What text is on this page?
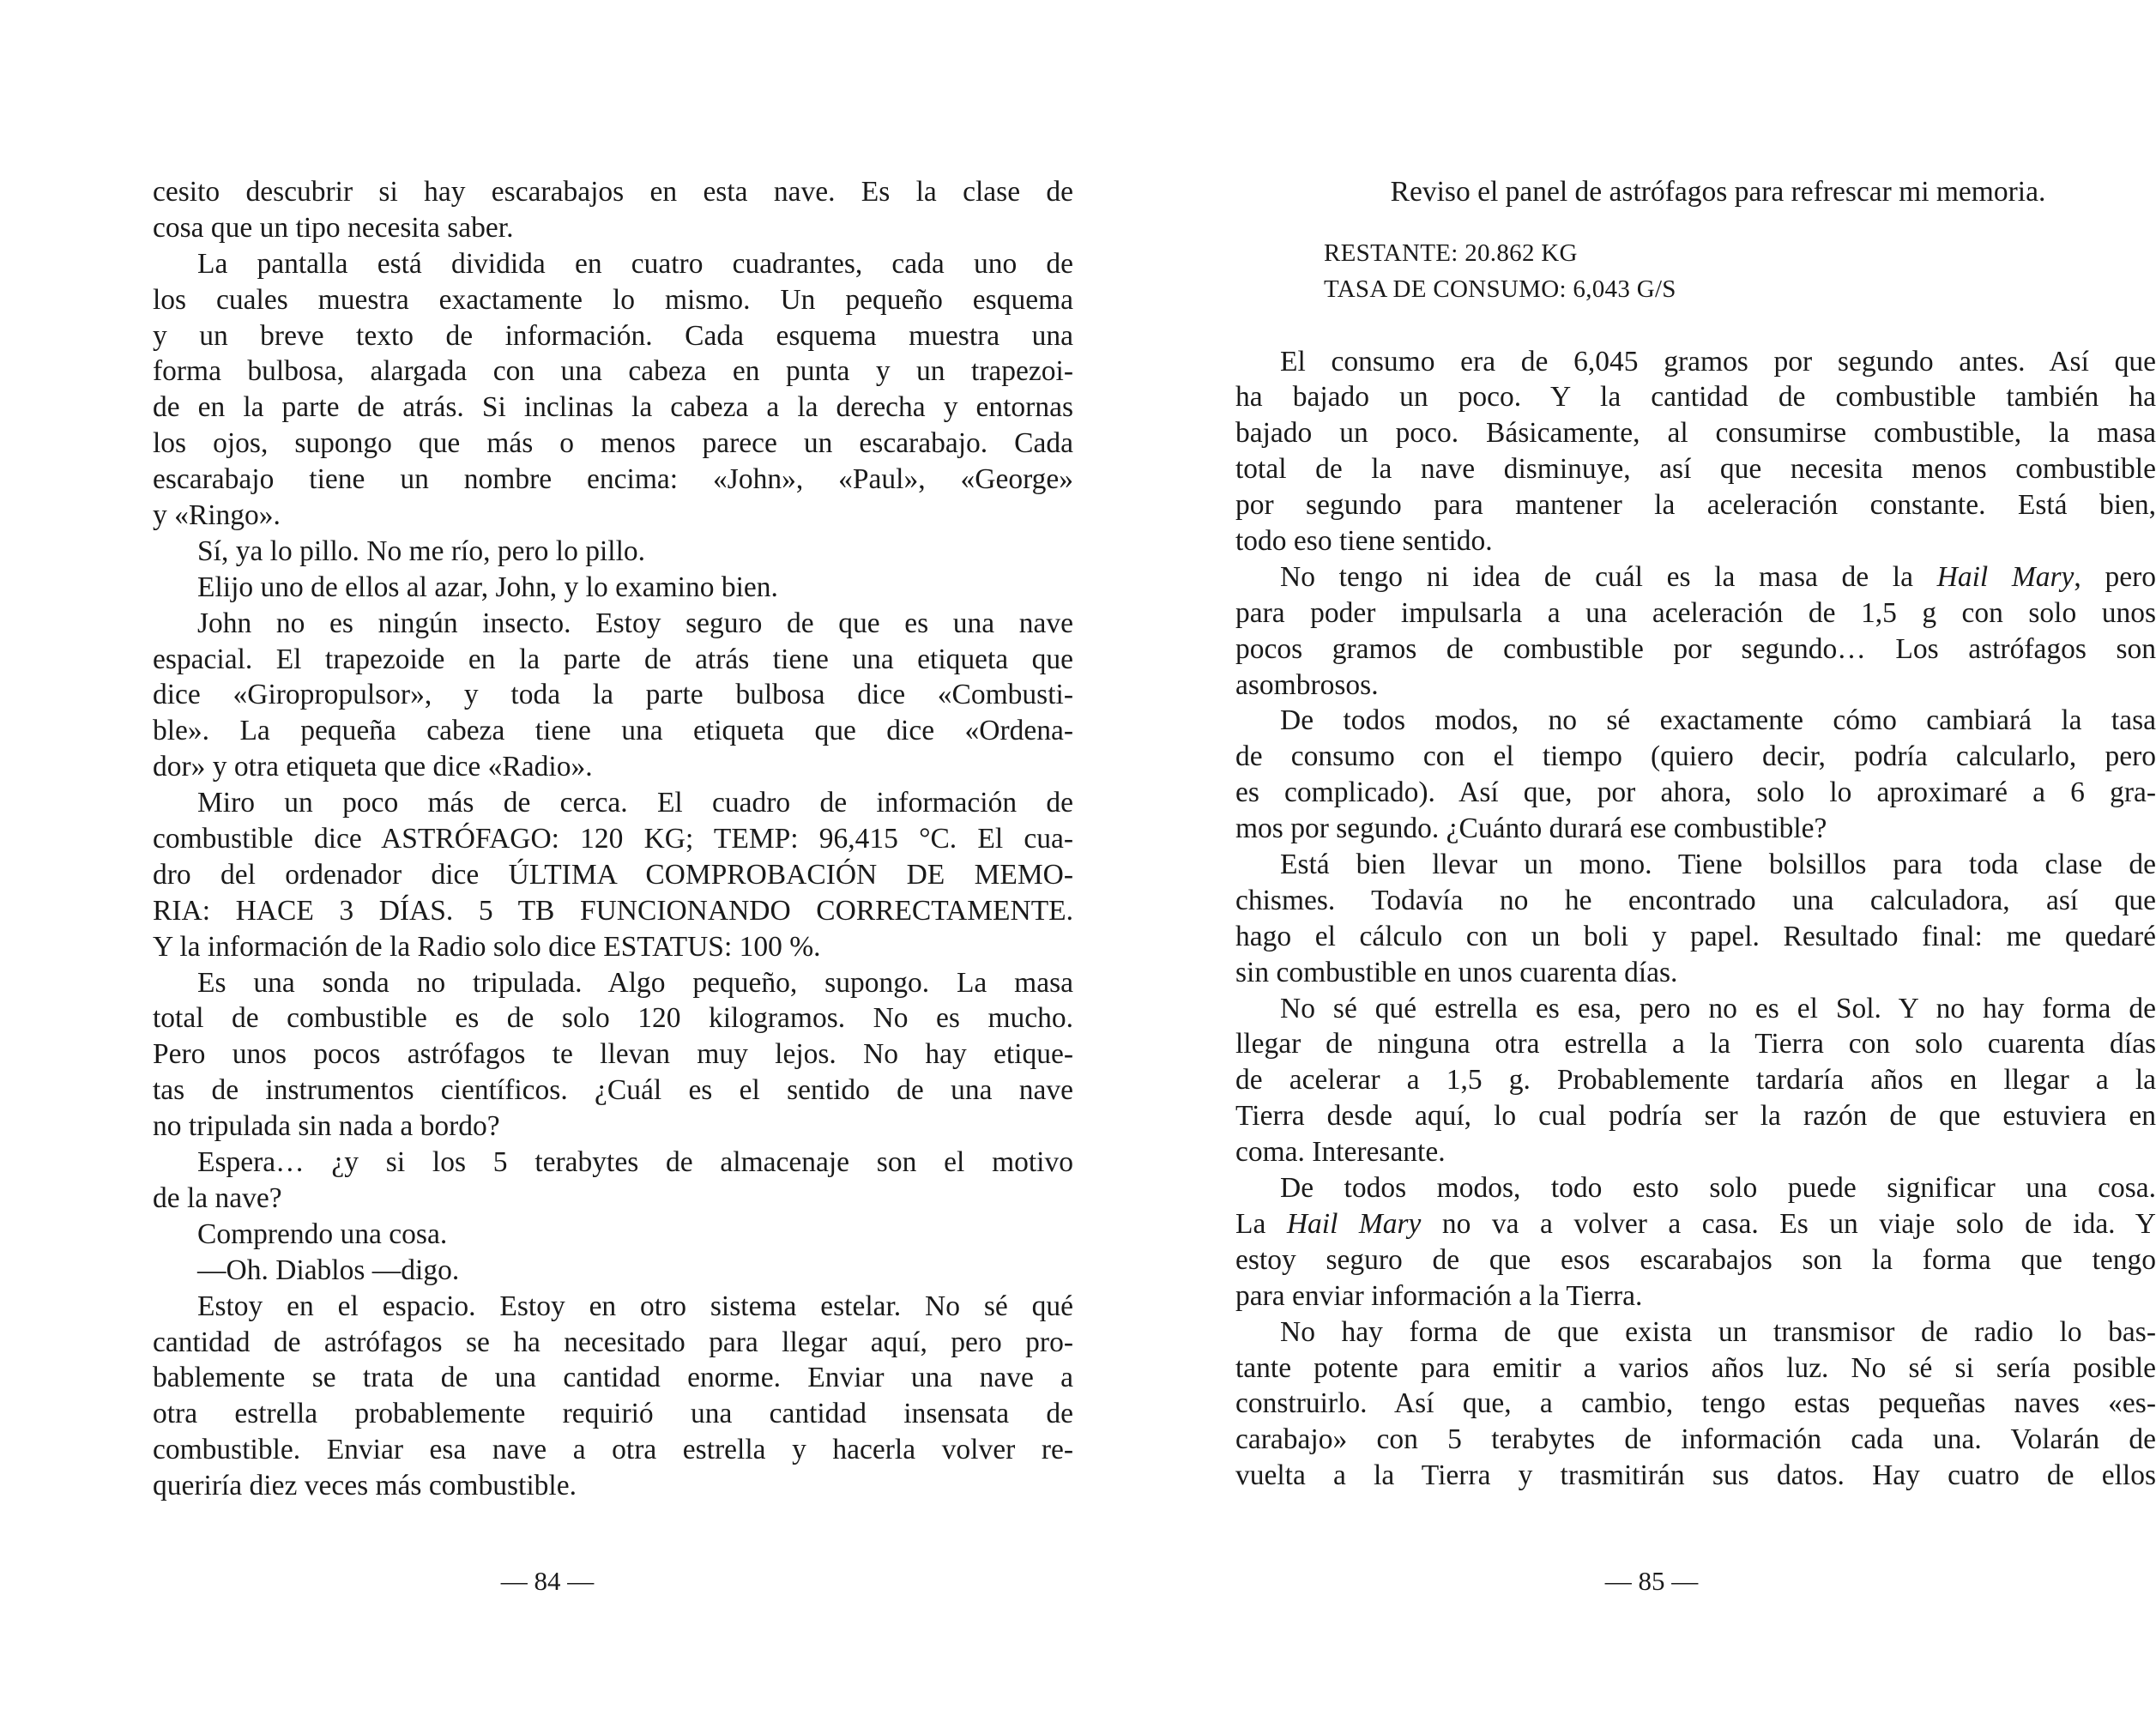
cesito descubrir si hay escarabajos en esta nave. Es la clase de
cosa que un tipo necesita saber.
La pantalla está dividida en cuatro cuadrantes, cada uno de
los cuales muestra exactamente lo mismo. Un pequeño esquema
y un breve texto de información. Cada esquema muestra una
forma bulbosa, alargada con una cabeza en punta y un trapezoi-
de en la parte de atrás. Si inclinas la cabeza a la derecha y entornas
los ojos, supongo que más o menos parece un escarabajo. Cada
escarabajo tiene un nombre encima: «John», «Paul», «George»
y «Ringo».
Sí, ya lo pillo. No me río, pero lo pillo.
Elijo uno de ellos al azar, John, y lo examino bien.
John no es ningún insecto. Estoy seguro de que es una nave
espacial. El trapezoide en la parte de atrás tiene una etiqueta que
dice «Giropropulsor», y toda la parte bulbosa dice «Combusti-
ble». La pequeña cabeza tiene una etiqueta que dice «Ordena-
dor» y otra etiqueta que dice «Radio».
Miro un poco más de cerca. El cuadro de información de
combustible dice ASTRÓFAGO: 120 KG; TEMP: 96,415 °C. El cua-
dro del ordenador dice ÚLTIMA COMPROBACIÓN DE MEMO-
RIA: HACE 3 DÍAS. 5 TB FUNCIONANDO CORRECTAMENTE.
Y la información de la Radio solo dice ESTATUS: 100 %.
Es una sonda no tripulada. Algo pequeño, supongo. La masa
total de combustible es de solo 120 kilogramos. No es mucho.
Pero unos pocos astrófagos te llevan muy lejos. No hay etique-
tas de instrumentos científicos. ¿Cuál es el sentido de una nave
no tripulada sin nada a bordo?
Espera… ¿y si los 5 terabytes de almacenaje son el motivo
de la nave?
Comprendo una cosa.
—Oh. Diablos —digo.
Estoy en el espacio. Estoy en otro sistema estelar. No sé qué
cantidad de astrófagos se ha necesitado para llegar aquí, pero pro-
bablemente se trata de una cantidad enorme. Enviar una nave a
otra estrella probablemente requirió una cantidad insensata de
combustible. Enviar esa nave a otra estrella y hacerla volver re-
queriría diez veces más combustible.
— 84 —
Reviso el panel de astrófagos para refrescar mi memoria.
RESTANTE: 20.862 KG
TASA DE CONSUMO: 6,043 G/S
El consumo era de 6,045 gramos por segundo antes. Así que
ha bajado un poco. Y la cantidad de combustible también ha
bajado un poco. Básicamente, al consumirse combustible, la masa
total de la nave disminuye, así que necesita menos combustible
por segundo para mantener la aceleración constante. Está bien,
todo eso tiene sentido.
No tengo ni idea de cuál es la masa de la Hail Mary, pero
para poder impulsarla a una aceleración de 1,5 g con solo unos
pocos gramos de combustible por segundo… Los astrófagos son
asombrosos.
De todos modos, no sé exactamente cómo cambiará la tasa
de consumo con el tiempo (quiero decir, podría calcularlo, pero
es complicado). Así que, por ahora, solo lo aproximaré a 6 gra-
mos por segundo. ¿Cuánto durará ese combustible?
Está bien llevar un mono. Tiene bolsillos para toda clase de
chismes. Todavía no he encontrado una calculadora, así que
hago el cálculo con un boli y papel. Resultado final: me quedaré
sin combustible en unos cuarenta días.
No sé qué estrella es esa, pero no es el Sol. Y no hay forma de
llegar de ninguna otra estrella a la Tierra con solo cuarenta días
de acelerar a 1,5 g. Probablemente tardaría años en llegar a la
Tierra desde aquí, lo cual podría ser la razón de que estuviera en
coma. Interesante.
De todos modos, todo esto solo puede significar una cosa.
La Hail Mary no va a volver a casa. Es un viaje solo de ida. Y
estoy seguro de que esos escarabajos son la forma que tengo
para enviar información a la Tierra.
No hay forma de que exista un transmisor de radio lo bas-
tante potente para emitir a varios años luz. No sé si sería posible
construirlo. Así que, a cambio, tengo estas pequeñas naves «es-
carabajo» con 5 terabytes de información cada una. Volarán de
vuelta a la Tierra y trasmitirán sus datos. Hay cuatro de ellos
— 85 —
